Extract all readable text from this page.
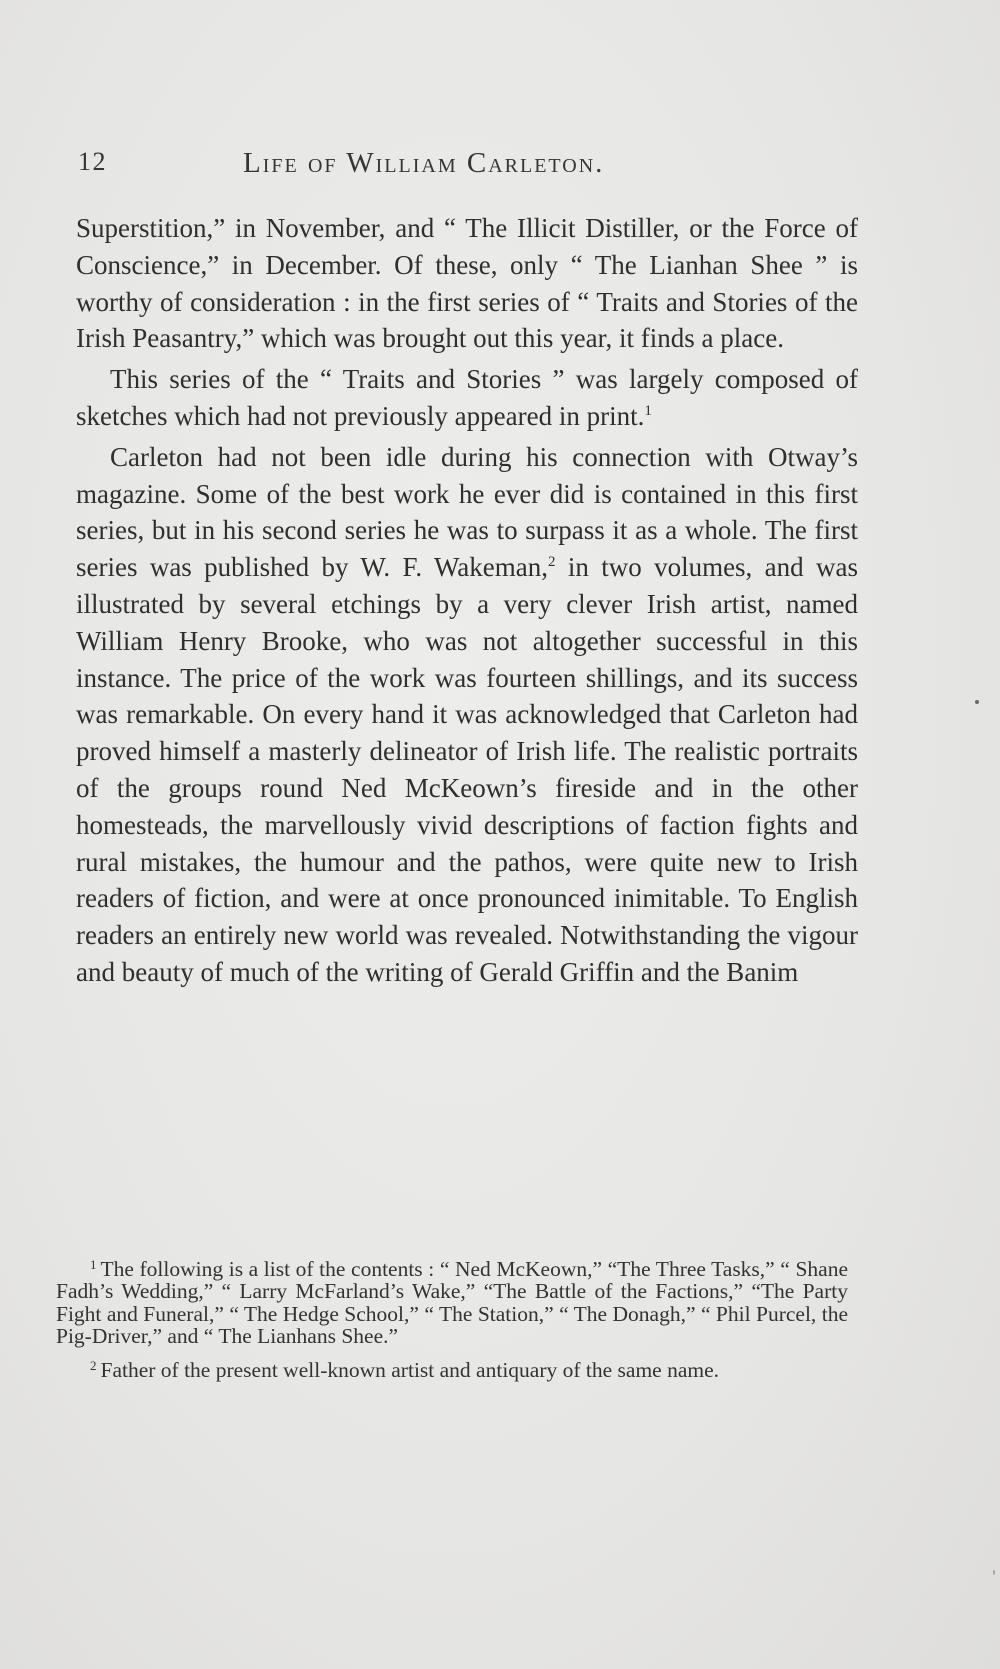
12	Life of William Carleton.

Superstition,” in November, and “ The Illicit Distiller, or the Force of Conscience,” in December. Of these, only “ The Lianhan Shee ” is worthy of consideration : in the first series of “ Traits and Stories of the Irish Peasantry,” which was brought out this year, it finds a place.

This series of the “ Traits and Stories ” was largely composed of sketches which had not previously appeared in print.$^1$

Carleton had not been idle during his connection with Otway’s magazine. Some of the best work he ever did is contained in this first series, but in his second series he was to surpass it as a whole. The first series was published by W. F. Wakeman,$^2$ in two volumes, and was illustrated by several etchings by a very clever Irish artist, named William Henry Brooke, who was not altogether successful in this instance. The price of the work was fourteen shillings, and its success was remarkable. On every hand it was acknowledged that Carleton had proved himself a masterly delineator of Irish life. The realistic portraits of the groups round Ned McKeown’s fireside and in the other homesteads, the marvellously vivid descriptions of faction fights and rural mistakes, the humour and the pathos, were quite new to Irish readers of fiction, and were at once pronounced inimitable. To English readers an entirely new world was revealed. Notwithstanding the vigour and beauty of much of the writing of Gerald Griffin and the Banim

$^1$ The following is a list of the contents : “ Ned McKeown,” “The Three Tasks,” “ Shane Fadh’s Wedding,” “ Larry McFarland’s Wake,” “The Battle of the Factions,” “The Party Fight and Funeral,” “ The Hedge School,” “ The Station,” “ The Donagh,” “ Phil Purcel, the Pig-Driver,” and “ The Lianhans Shee.”

$^2$ Father of the present well-known artist and antiquary of the same name.
